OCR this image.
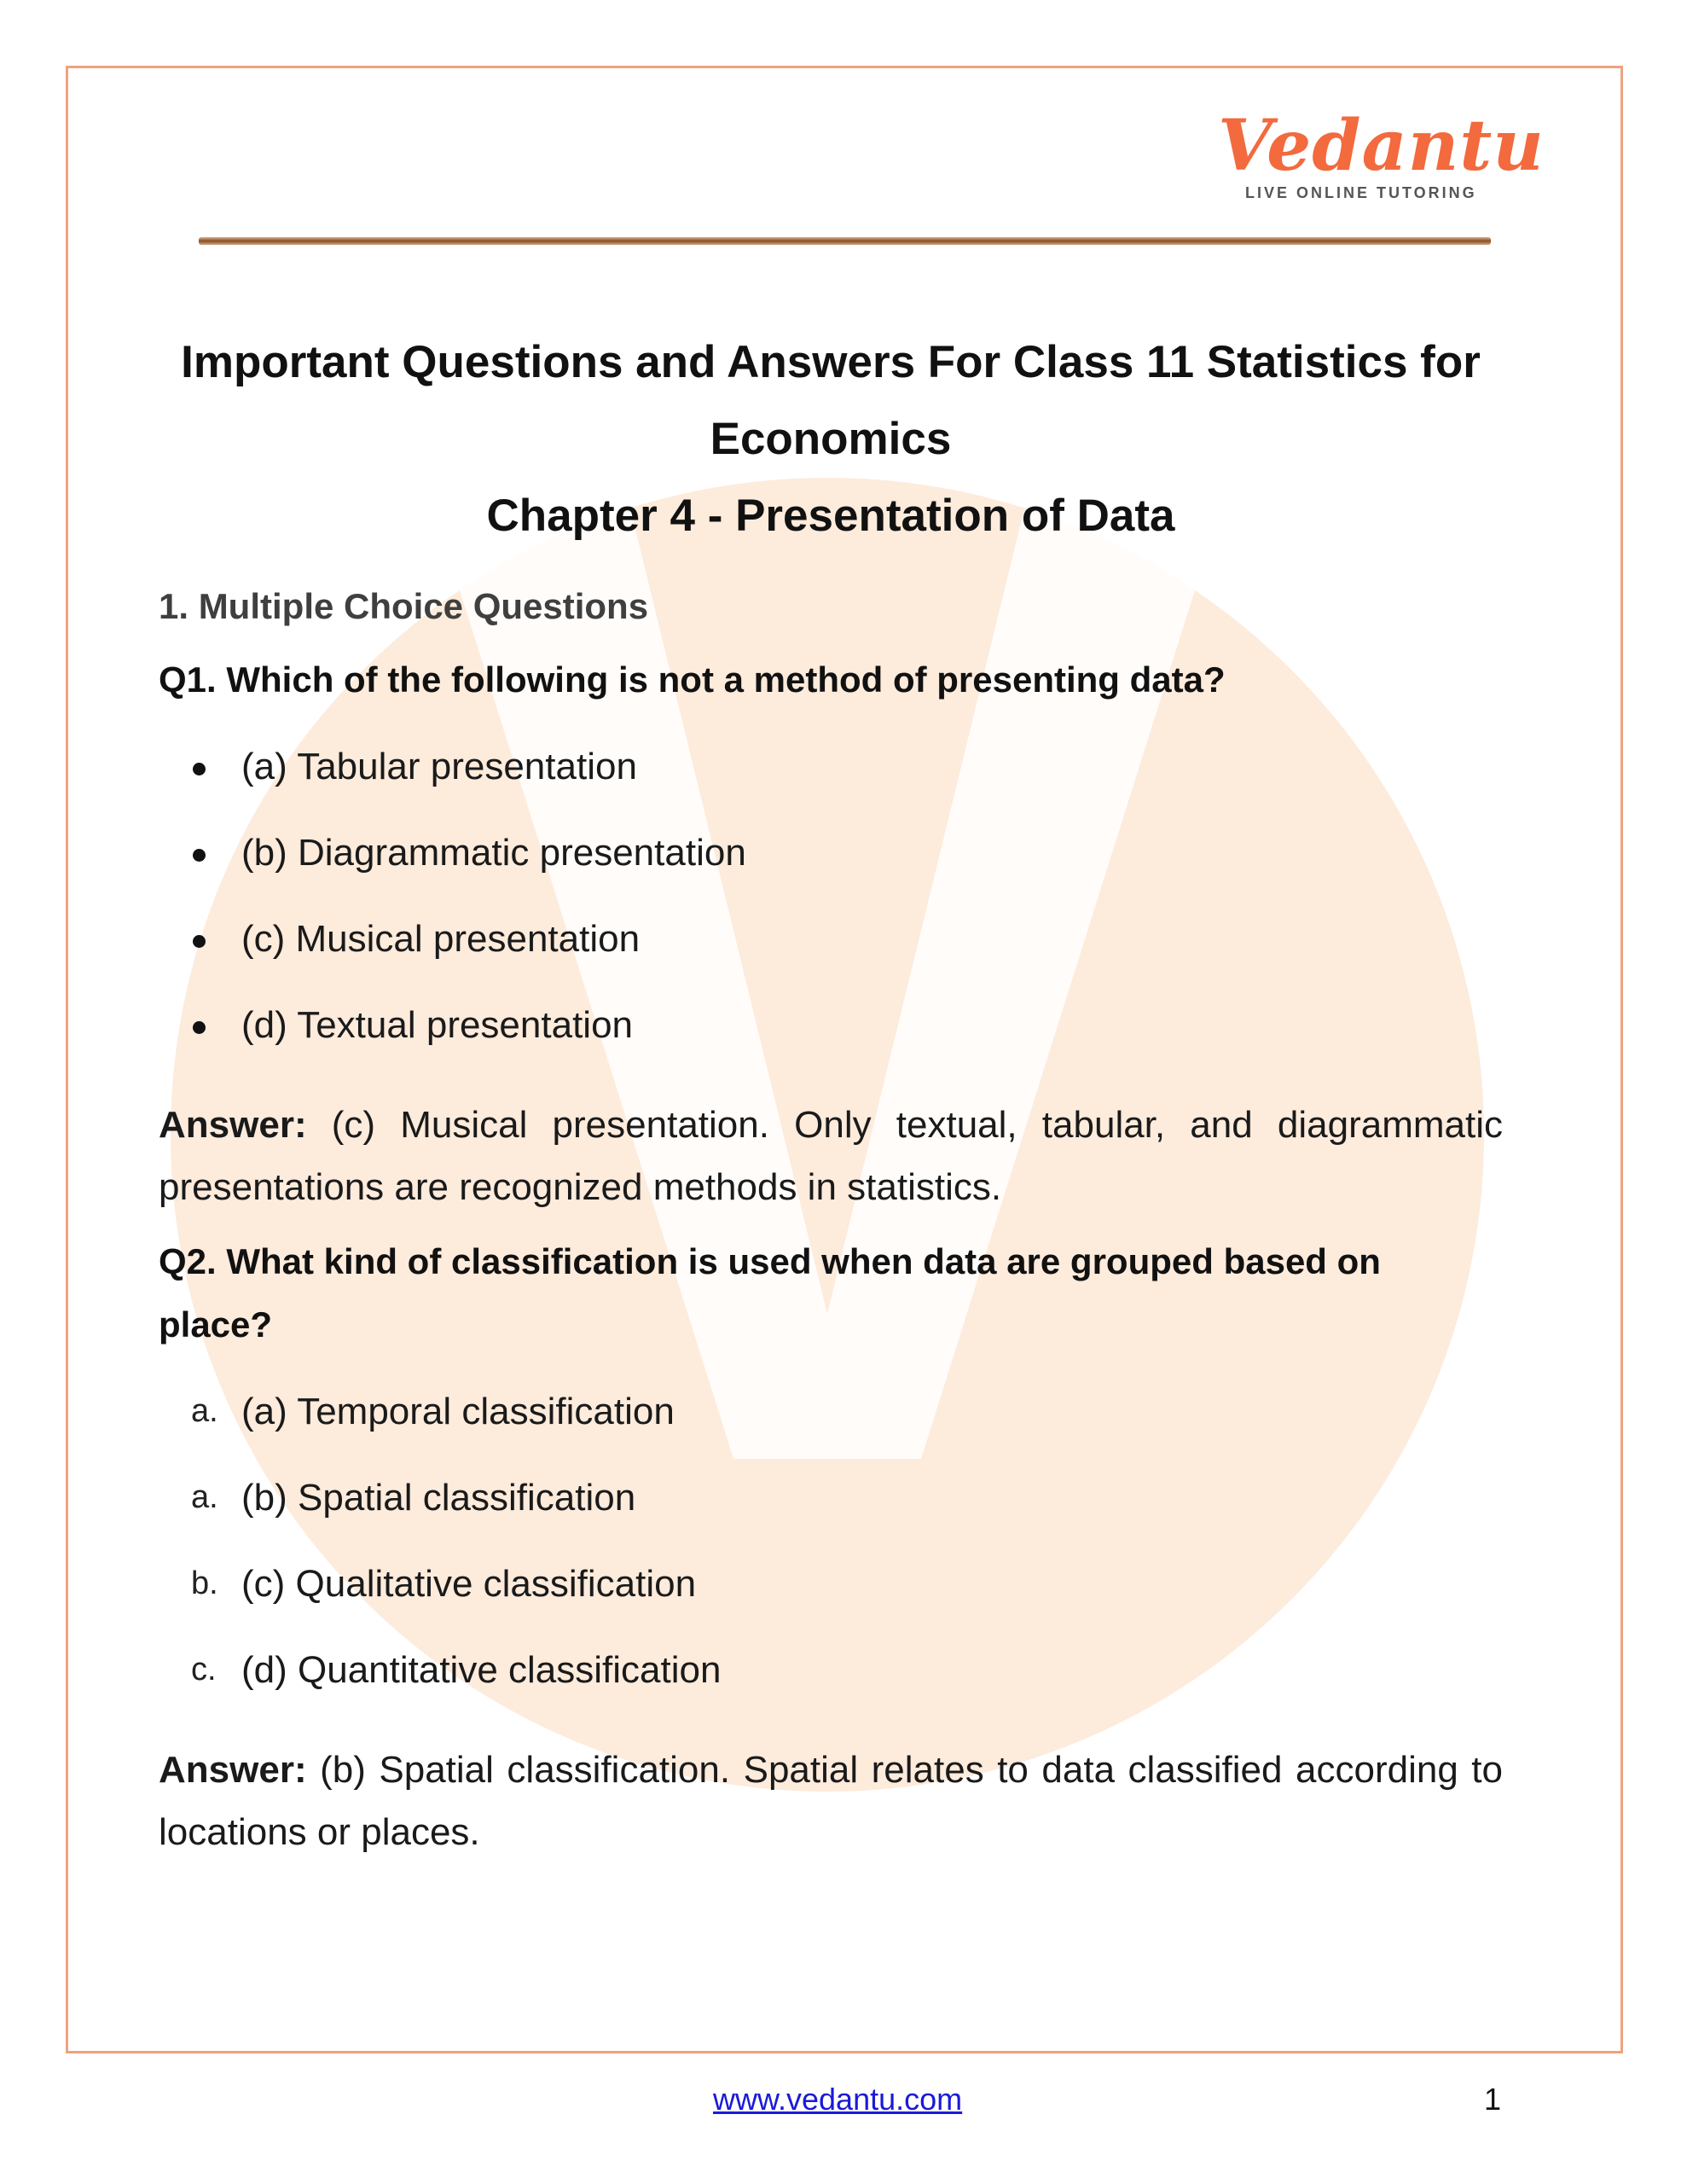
Vedantu
LIVE ONLINE TUTORING
Important Questions and Answers For Class 11 Statistics for
Economics
Chapter 4 - Presentation of Data

1. Multiple Choice Questions

Q1. Which of the following is not a method of presenting data?

(a) Tabular presentation
(b) Diagrammatic presentation
(c) Musical presentation
(d) Textual presentation

Answer: (c) Musical presentation. Only textual, tabular, and diagrammatic presentations are recognized methods in statistics.

Q2. What kind of classification is used when data are grouped based on place?

a. (a) Temporal classification
a. (b) Spatial classification
b. (c) Qualitative classification
c. (d) Quantitative classification

Answer: (b) Spatial classification. Spatial relates to data classified according to locations or places.

www.vedantu.com	1
